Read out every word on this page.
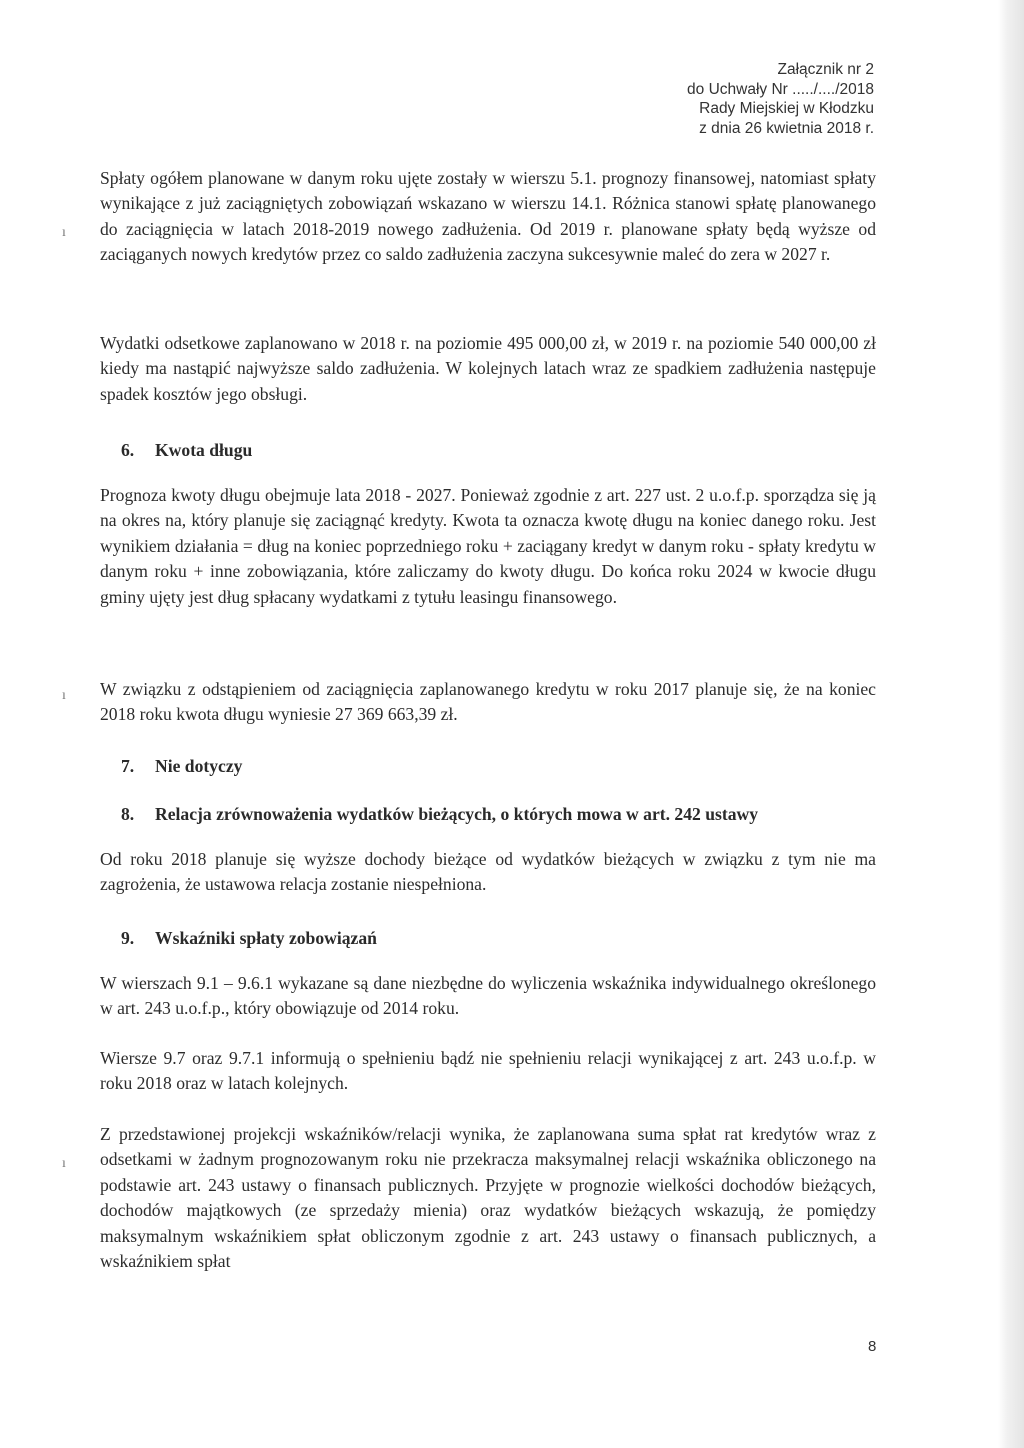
Załącznik nr 2
do Uchwały Nr ...../..../2018
Rady Miejskiej w Kłodzku
z dnia 26 kwietnia 2018 r.

Spłaty ogółem planowane w danym roku ujęte zostały w wierszu 5.1. prognozy finansowej, natomiast spłaty wynikające z już zaciągniętych zobowiązań wskazano w wierszu 14.1. Różnica stanowi spłatę planowanego do zaciągnięcia w latach 2018-2019 nowego zadłużenia. Od 2019 r. planowane spłaty będą wyższe od zaciąganych nowych kredytów przez co saldo zadłużenia zaczyna sukcesywnie maleć do zera w 2027 r.

Wydatki odsetkowe zaplanowano w 2018 r. na poziomie 495 000,00 zł, w 2019 r. na poziomie 540 000,00 zł kiedy ma nastąpić najwyższe saldo zadłużenia. W kolejnych latach wraz ze spadkiem zadłużenia następuje spadek kosztów jego obsługi.

6. Kwota długu

Prognoza kwoty długu obejmuje lata 2018 - 2027. Ponieważ zgodnie z art. 227 ust. 2 u.o.f.p. sporządza się ją na okres na, który planuje się zaciągnąć kredyty. Kwota ta oznacza kwotę długu na koniec danego roku. Jest wynikiem działania = dług na koniec poprzedniego roku + zaciągany kredyt w danym roku - spłaty kredytu w danym roku + inne zobowiązania, które zaliczamy do kwoty długu. Do końca roku 2024 w kwocie długu gminy ujęty jest dług spłacany wydatkami z tytułu leasingu finansowego.

W związku z odstąpieniem od zaciągnięcia zaplanowanego kredytu w roku 2017 planuje się, że na koniec 2018 roku kwota długu wyniesie 27 369 663,39 zł.

7. Nie dotyczy
8. Relacja zrównoważenia wydatków bieżących, o których mowa w art. 242 ustawy

Od roku 2018 planuje się wyższe dochody bieżące od wydatków bieżących w związku z tym nie ma zagrożenia, że ustawowa relacja zostanie niespełniona.

9. Wskaźniki spłaty zobowiązań

W wierszach 9.1 – 9.6.1 wykazane są dane niezbędne do wyliczenia wskaźnika indywidualnego określonego w art. 243 u.o.f.p., który obowiązuje od 2014 roku.

Wiersze 9.7 oraz 9.7.1 informują o spełnieniu bądź nie spełnieniu relacji wynikającej z art. 243 u.o.f.p. w roku 2018 oraz w latach kolejnych.

Z przedstawionej projekcji wskaźników/relacji wynika, że zaplanowana suma spłat rat kredytów wraz z odsetkami w żadnym prognozowanym roku nie przekracza maksymalnej relacji wskaźnika obliczonego na podstawie art. 243 ustawy o finansach publicznych. Przyjęte w prognozie wielkości dochodów bieżących, dochodów majątkowych (ze sprzedaży mienia) oraz wydatków bieżących wskazują, że pomiędzy maksymalnym wskaźnikiem spłat obliczonym zgodnie z art. 243 ustawy o finansach publicznych, a wskaźnikiem spłat

8
ı
ı
ı
